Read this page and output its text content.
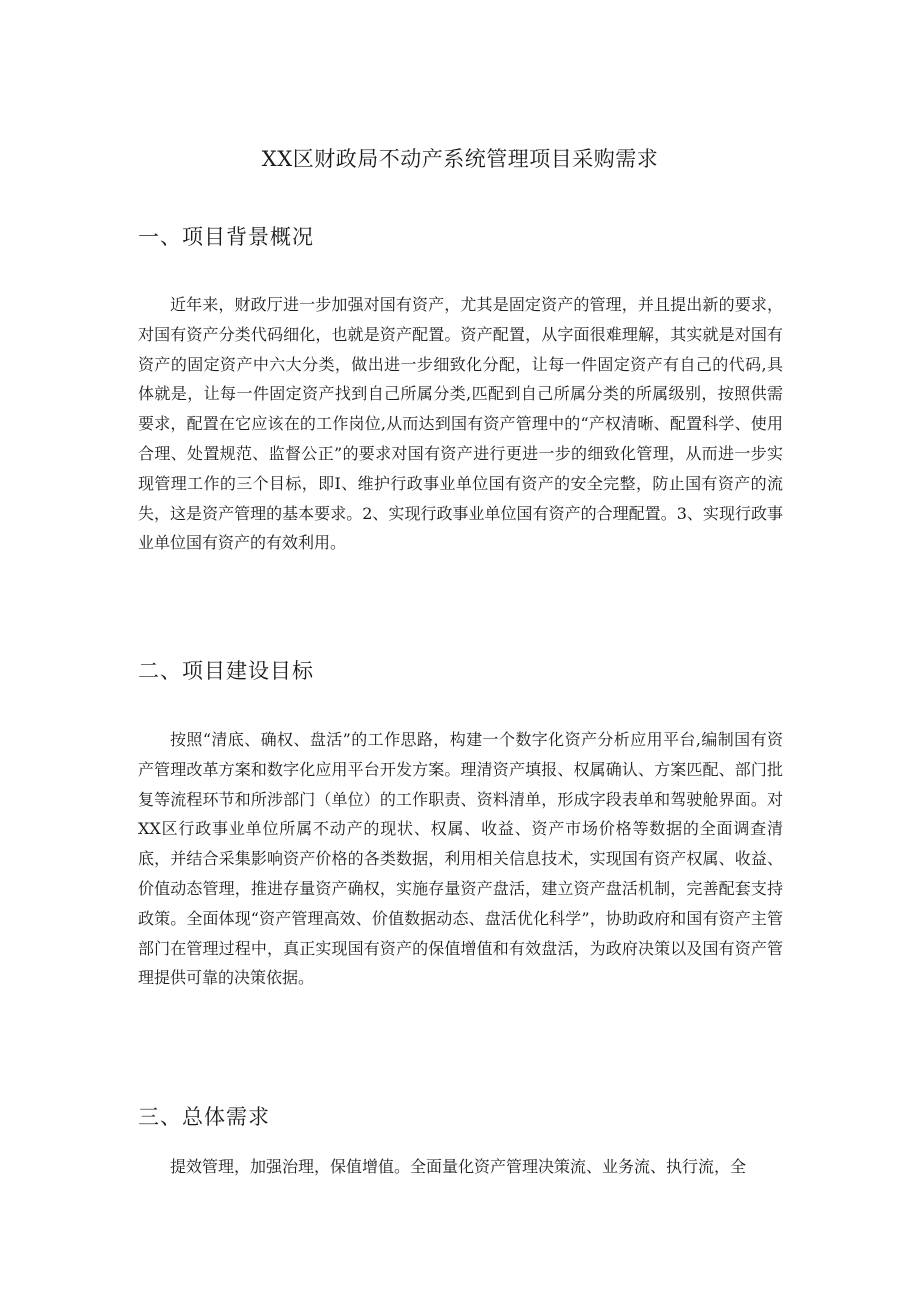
XX区财政局不动产系统管理项目采购需求
一、项目背景概况

近年来，财政厅进一步加强对国有资产，尤其是固定资产的管理，并且提出新的要求，对国有资产分类代码细化，也就是资产配置。资产配置，从字面很难理解，其实就是对国有资产的固定资产中六大分类，做出进一步细致化分配，让每一件固定资产有自己的代码,具体就是，让每一件固定资产找到自己所属分类,匹配到自己所属分类的所属级别，按照供需要求，配置在它应该在的工作岗位,从而达到国有资产管理中的“产权清晰、配置科学、使用合理、处置规范、监督公正”的要求对国有资产进行更进一步的细致化管理，从而进一步实现管理工作的三个目标，即I、维护行政事业单位国有资产的安全完整，防止国有资产的流失，这是资产管理的基本要求。2、实现行政事业单位国有资产的合理配置。3、实现行政事业单位国有资产的有效利用。

二、项目建设目标

按照“清底、确权、盘活”的工作思路，构建一个数字化资产分析应用平台,编制国有资产管理改革方案和数字化应用平台开发方案。理清资产填报、权属确认、方案匹配、部门批复等流程环节和所涉部门（单位）的工作职责、资料清单，形成字段表单和驾驶舱界面。对XX区行政事业单位所属不动产的现状、权属、收益、资产市场价格等数据的全面调查清底，并结合采集影响资产价格的各类数据，利用相关信息技术，实现国有资产权属、收益、价值动态管理，推进存量资产确权，实施存量资产盘活，建立资产盘活机制，完善配套支持政策。全面体现“资产管理高效、价值数据动态、盘活优化科学”，协助政府和国有资产主管部门在管理过程中，真正实现国有资产的保值增值和有效盘活，为政府决策以及国有资产管理提供可靠的决策依据。

三、总体需求

提效管理，加强治理，保值增值。全面量化资产管理决策流、业务流、执行流，全
